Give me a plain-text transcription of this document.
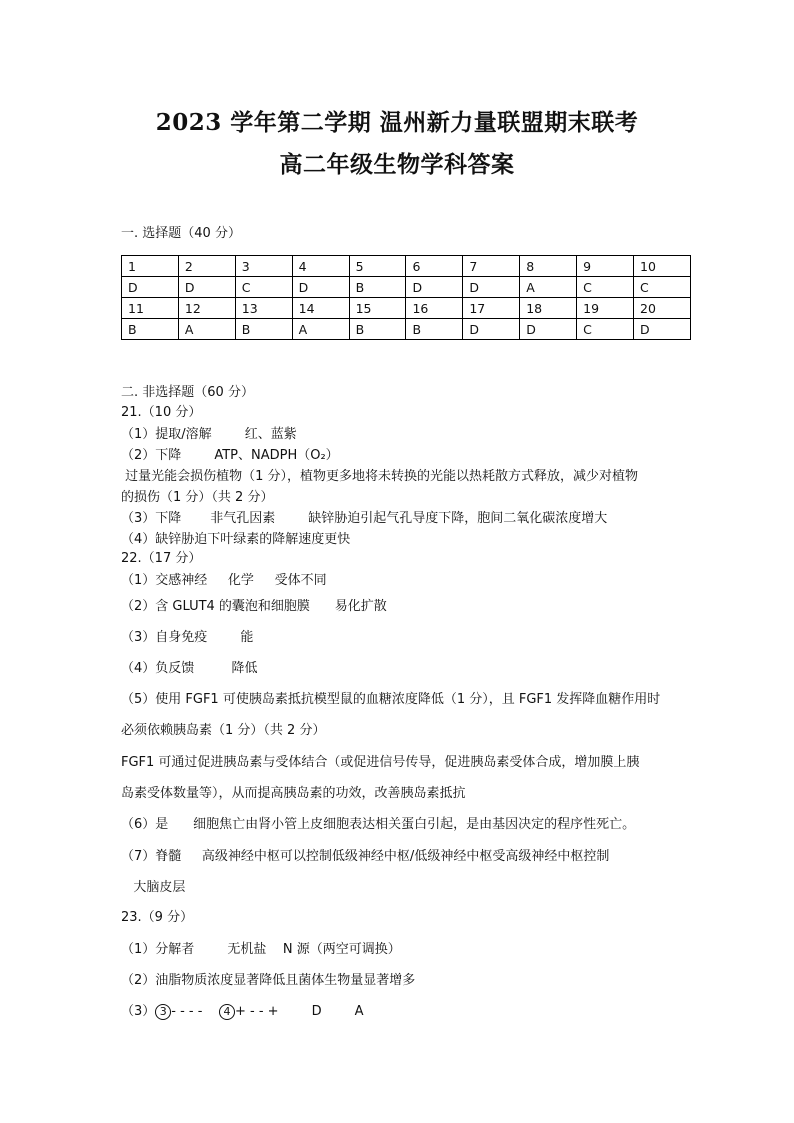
2023 学年第二学期 温州新力量联盟期末联考
高二年级生物学科答案
一. 选择题（40 分）
1	2	3	4	5	6	7	8	9	10
D	D	C	D	B	D	D	A	C	C
11	12	13	14	15	16	17	18	19	20
B	A	B	A	B	B	D	D	C	D
二. 非选择题（60 分）
21.（10 分）
（1）提取/溶解        红、蓝紫
（2）下降        ATP、NADPH（O₂）
过量光能会损伤植物（1 分），植物更多地将未转换的光能以热耗散方式释放，减少对植物
的损伤（1 分）（共 2 分）
（3）下降       非气孔因素        缺锌胁迫引起气孔导度下降，胞间二氧化碳浓度增大
（4）缺锌胁迫下叶绿素的降解速度更快
22.（17 分）
（1）交感神经     化学     受体不同
（2）含 GLUT4 的囊泡和细胞膜      易化扩散
（3）自身免疫        能
（4）负反馈         降低
（5）使用 FGF1 可使胰岛素抵抗模型鼠的血糖浓度降低（1 分），且 FGF1 发挥降血糖作用时
必须依赖胰岛素（1 分）（共 2 分）
FGF1 可通过促进胰岛素与受体结合（或促进信号传导，促进胰岛素受体合成，增加膜上胰
岛素受体数量等），从而提高胰岛素的功效，改善胰岛素抵抗
（6）是      细胞焦亡由肾小管上皮细胞表达相关蛋白引起，是由基因决定的程序性死亡。
（7）脊髓     高级神经中枢可以控制低级神经中枢/低级神经中枢受高级神经中枢控制
大脑皮层
23.（9 分）
（1）分解者        无机盐    N 源（两空可调换）
（2）油脂物质浓度显著降低且菌体生物量显著增多
（3） 3 - - - -    4 + - - +        D        A
